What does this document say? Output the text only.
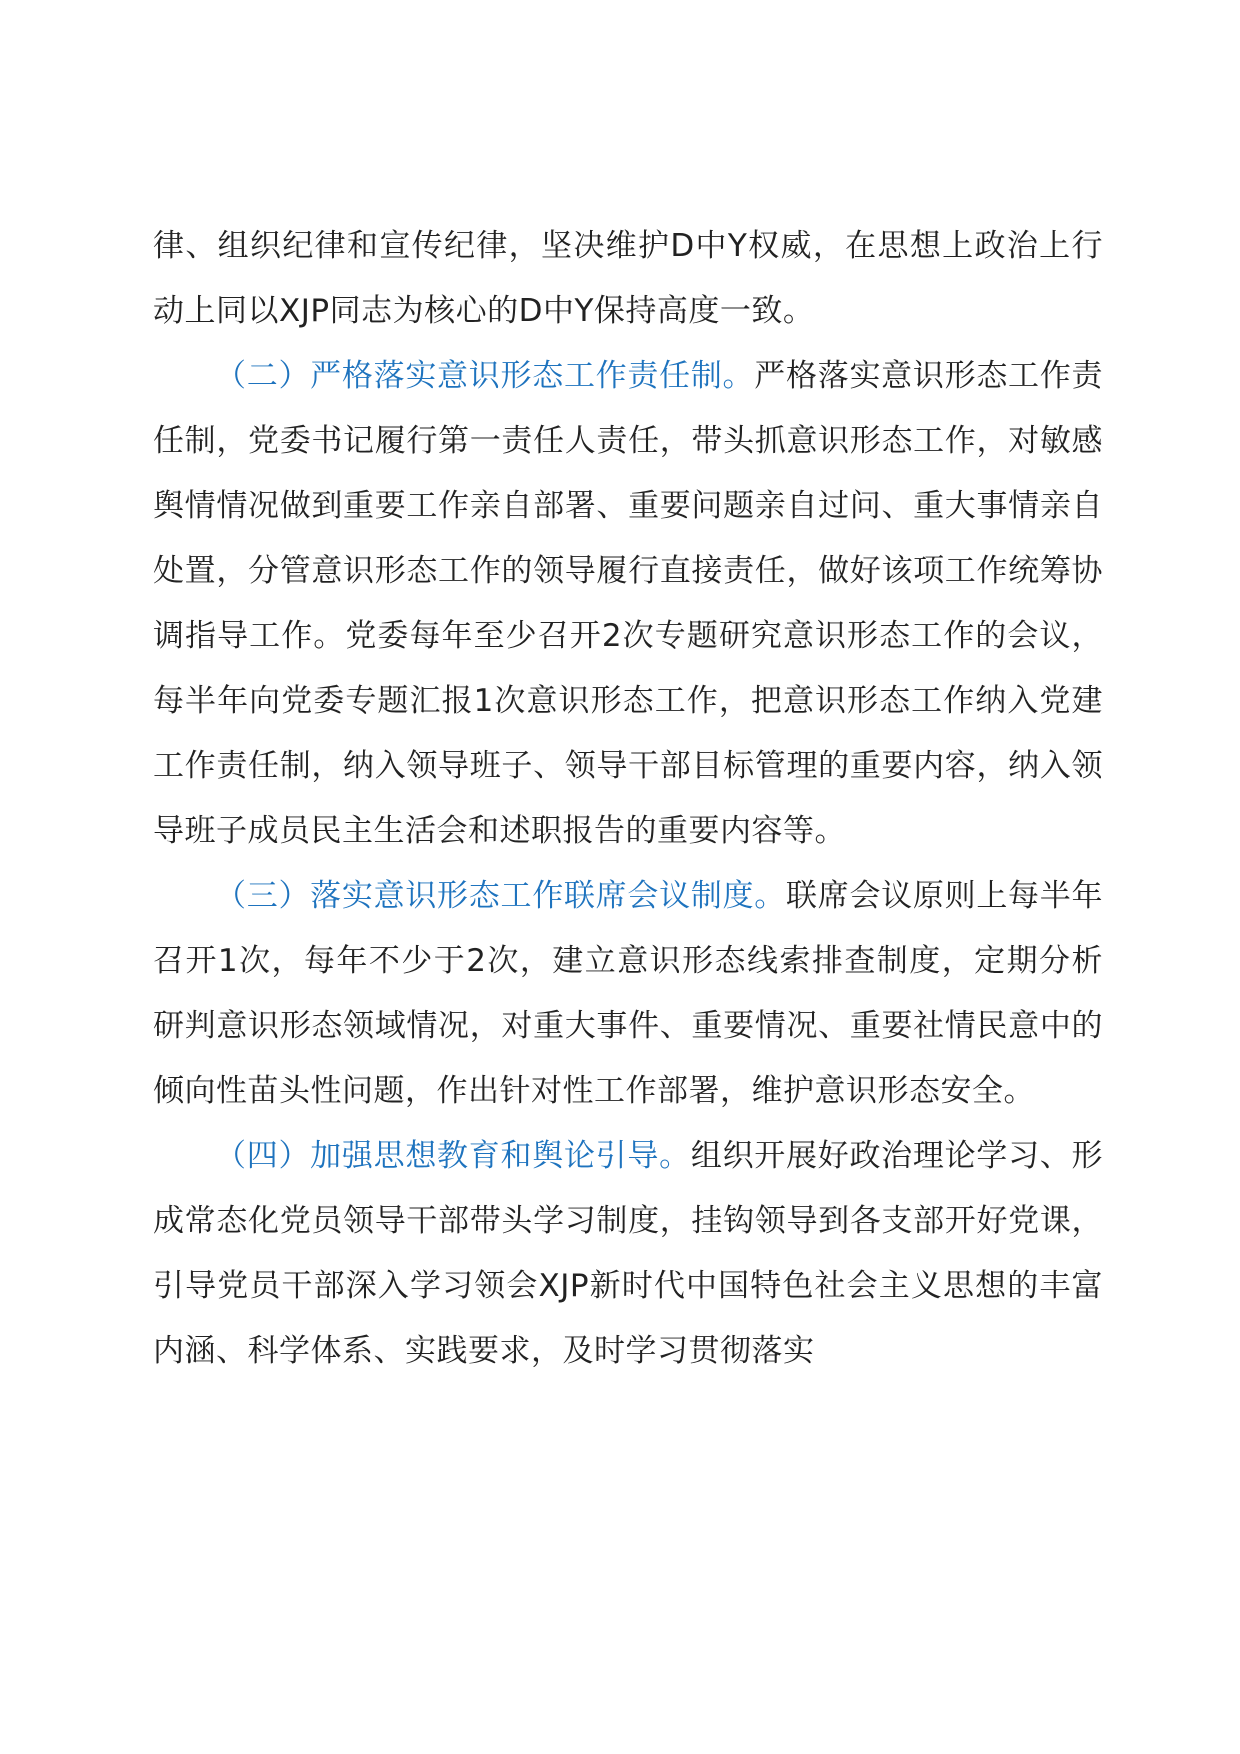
律、组织纪律和宣传纪律，坚决维护D中Y权威，在思想上政治上行动上同以XJP同志为核心的D中Y保持高度一致。

（二）严格落实意识形态工作责任制。严格落实意识形态工作责任制，党委书记履行第一责任人责任，带头抓意识形态工作，对敏感舆情情况做到重要工作亲自部署、重要问题亲自过问、重大事情亲自处置，分管意识形态工作的领导履行直接责任，做好该项工作统筹协调指导工作。党委每年至少召开2次专题研究意识形态工作的会议，每半年向党委专题汇报1次意识形态工作，把意识形态工作纳入党建工作责任制，纳入领导班子、领导干部目标管理的重要内容，纳入领导班子成员民主生活会和述职报告的重要内容等。

（三）落实意识形态工作联席会议制度。联席会议原则上每半年召开1次，每年不少于2次，建立意识形态线索排查制度，定期分析研判意识形态领域情况，对重大事件、重要情况、重要社情民意中的倾向性苗头性问题，作出针对性工作部署，维护意识形态安全。

（四）加强思想教育和舆论引导。组织开展好政治理论学习、形成常态化党员领导干部带头学习制度，挂钩领导到各支部开好党课，引导党员干部深入学习领会XJP新时代中国特色社会主义思想的丰富内涵、科学体系、实践要求，及时学习贯彻落实
